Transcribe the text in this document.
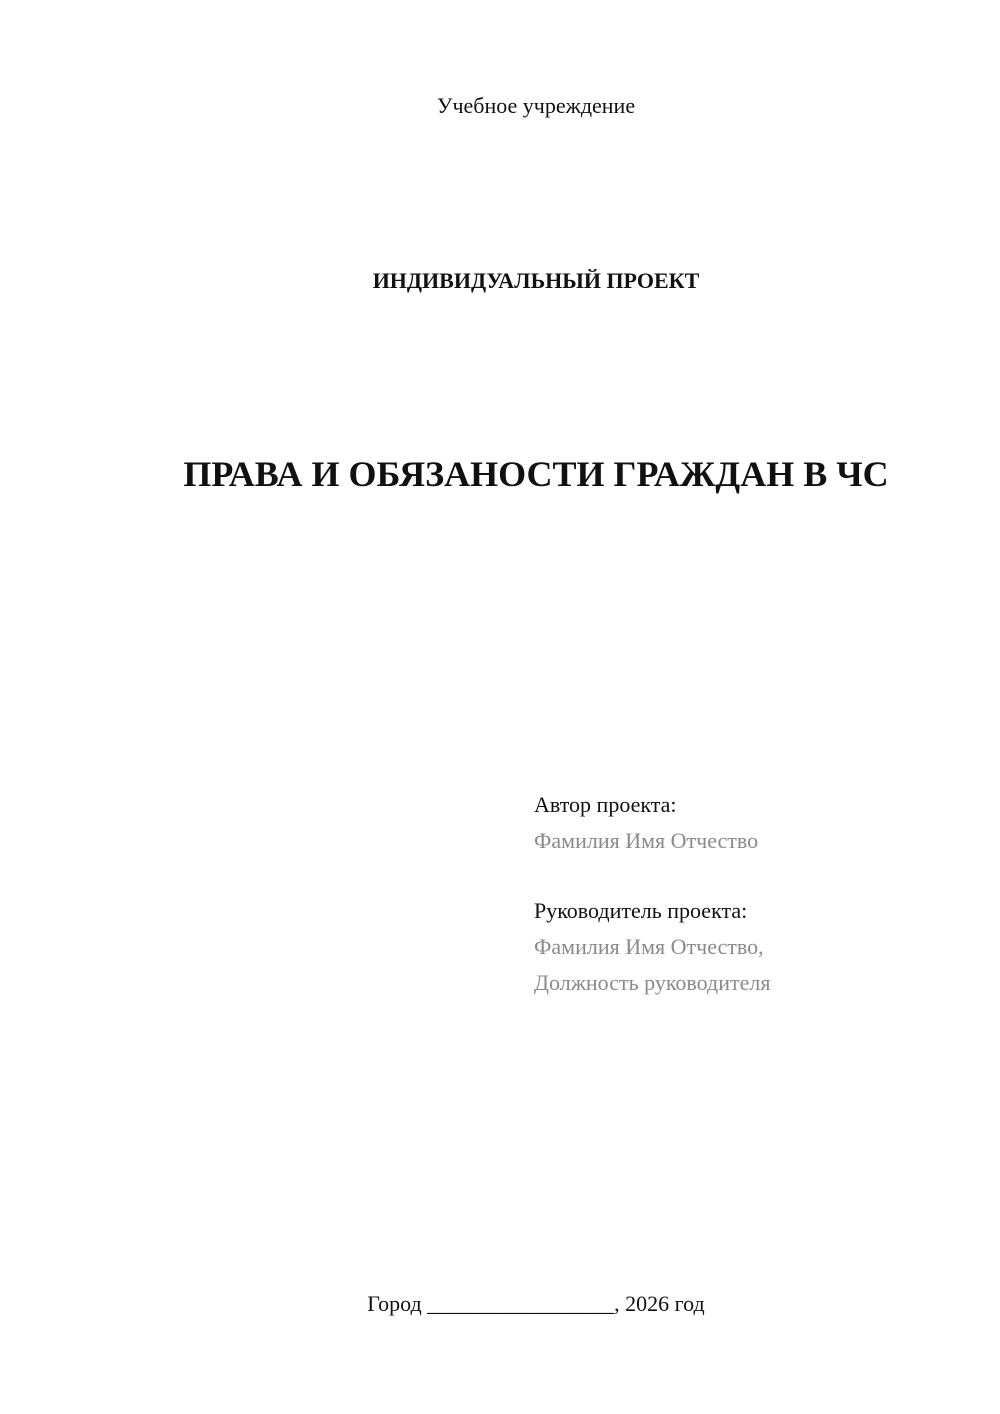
Учебное учреждение
ИНДИВИДУАЛЬНЫЙ ПРОЕКТ
ПРАВА И ОБЯЗАНОСТИ ГРАЖДАН В ЧС
Автор проекта:
Фамилия Имя Отчество
Руководитель проекта:
Фамилия Имя Отчество,
Должность руководителя
Город _________________, 2026 год
